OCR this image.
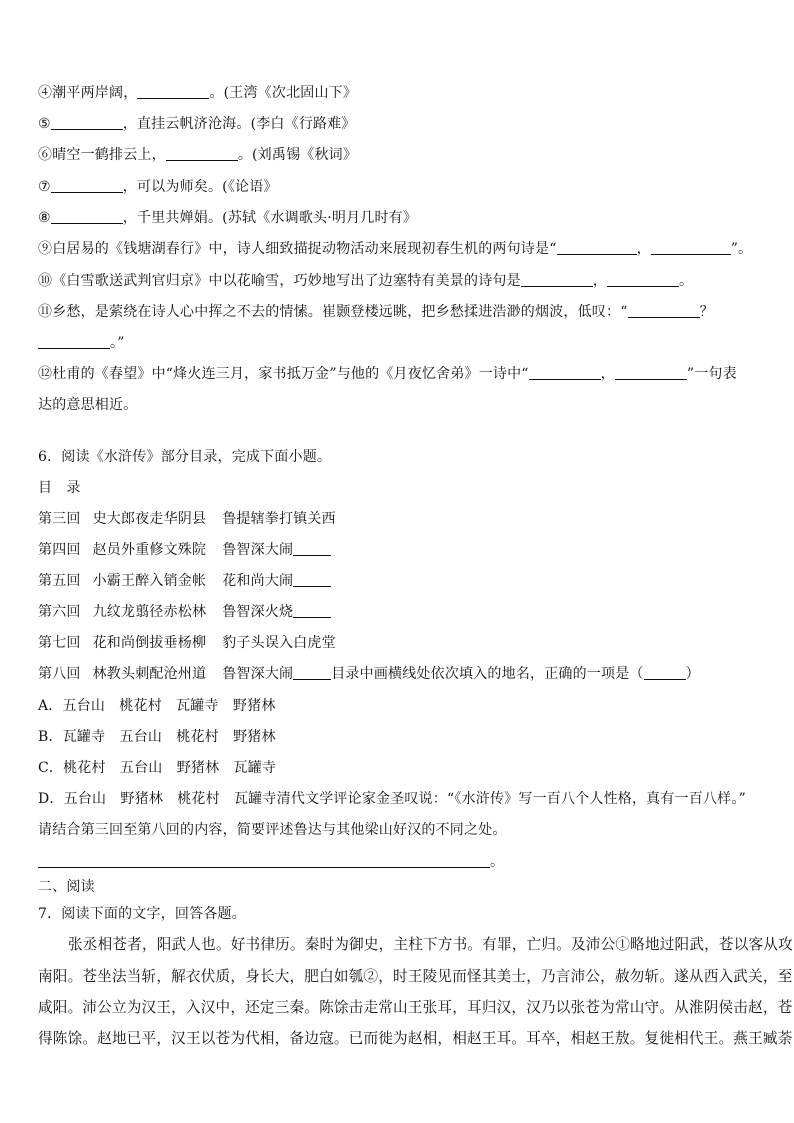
④潮平两岸阔，	。(王湾《次北固山下》
⑤	，直挂云帆济沧海。(李白《行路难》
⑥晴空一鹤排云上，	。(刘禹锡《秋词》
⑦	，可以为师矣。(《论语》
⑧	，千里共婵娟。(苏轼《水调歌头·明月几时有》
⑨白居易的《钱塘湖春行》中，诗人细致描捉动物活动来展现初春生机的两句诗是“	，	”。
⑩《白雪歌送武判官归京》中以花喻雪，巧妙地写出了边塞特有美景的诗句是	，	。
⑪乡愁，是萦绕在诗人心中挥之不去的情愫。崔颢登楼远眺，把乡愁揉进浩渺的烟波，低叹：“	？
。”
⑫杜甫的《春望》中“烽火连三月，家书抵万金”与他的《月夜忆舍弟》一诗中“	，	”一句表
达的意思相近。
6．阅读《水浒传》部分目录，完成下面小题。
目　录
第三回 史大郎夜走华阴县 鲁提辖拳打镇关西
第四回 赵员外重修文殊院 鲁智深大闹
第五回 小霸王醉入销金帐 花和尚大闹
第六回 九纹龙翦径赤松林 鲁智深火烧
第七回 花和尚倒拔垂杨柳 豹子头误入白虎堂
第八回 林教头刺配沧州道 鲁智深大闹	目录中画横线处依次填入的地名，正确的一项是（	）
A．五台山　桃花村　瓦罐寺　野猪林
B．瓦罐寺　五台山　桃花村　野猪林
C．桃花村　五台山　野猪林　瓦罐寺
D．五台山　野猪林　桃花村　瓦罐寺清代文学评论家金圣叹说：“《水浒传》写一百八个人性格，真有一百八样。”
请结合第三回至第八回的内容，简要评述鲁达与其他梁山好汉的不同之处。
。
二、阅读
7．阅读下面的文字，回答各题。
张丞相苍者，阳武人也。好书律历。秦时为御史，主柱下方书。有罪，亡归。及沛公①略地过阳武，苍以客从攻
南阳。苍坐法当斩，解衣伏质，身长大，肥白如瓠②，时王陵见而怪其美士，乃言沛公，赦勿斩。遂从西入武关，至
咸阳。沛公立为汉王，入汉中，还定三秦。陈馀击走常山王张耳，耳归汉，汉乃以张苍为常山守。从淮阴侯击赵，苍
得陈馀。赵地已平，汉王以苍为代相，备边寇。已而徙为赵相，相赵王耳。耳卒，相赵王敖。复徙相代王。燕王臧荼
